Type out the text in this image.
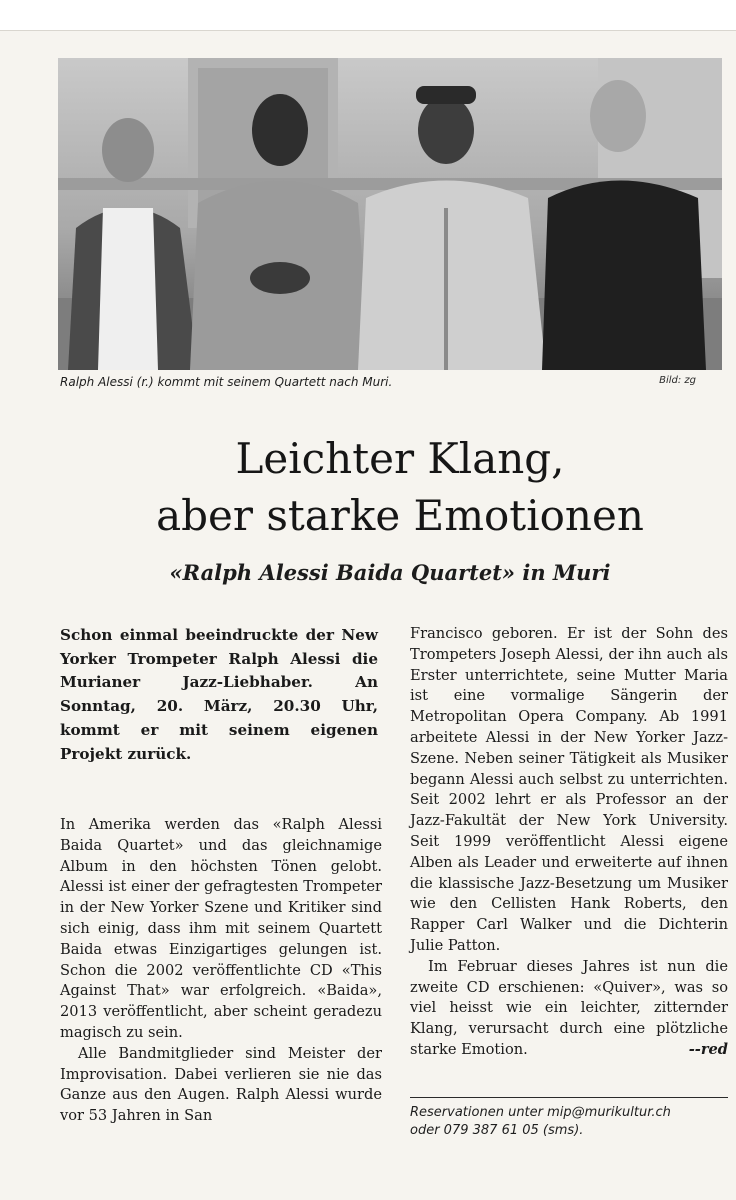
Ralph Alessi (r.) kommt mit seinem Quartett nach Muri.	Bild: zg
Leichter Klang,
aber starke Emotionen
«Ralph Alessi Baida Quartet» in Muri

Schon einmal beeindruckte der New Yorker Trompeter Ralph Alessi die Murianer Jazz-Liebhaber. An Sonntag, 20. März, 20.30 Uhr, kommt er mit seinem eigenen Projekt zurück.

In Amerika werden das «Ralph Alessi Baida Quartet» und das gleichnamige Album in den höchsten Tönen gelobt. Alessi ist einer der gefragtesten Trompeter in der New Yorker Szene und Kritiker sind sich einig, dass ihm mit seinem Quartett Baida etwas Einzigartiges gelungen ist. Schon die 2002 veröffentlichte CD «This Against That» war erfolgreich. «Baida», 2013 veröffentlicht, aber scheint geradezu magisch zu sein.

Alle Bandmitglieder sind Meister der Improvisation. Dabei verlieren sie nie das Ganze aus den Augen. Ralph Alessi wurde vor 53 Jahren in San

Francisco geboren. Er ist der Sohn des Trompeters Joseph Alessi, der ihn auch als Erster unterrichtete, seine Mutter Maria ist eine vormalige Sängerin der Metropolitan Opera Company. Ab 1991 arbeitete Alessi in der New Yorker Jazz-Szene. Neben seiner Tätigkeit als Musiker begann Alessi auch selbst zu unterrichten. Seit 2002 lehrt er als Professor an der Jazz-Fakultät der New York University. Seit 1999 veröffentlicht Alessi eigene Alben als Leader und erweiterte auf ihnen die klassische Jazz-Besetzung um Musiker wie den Cellisten Hank Roberts, den Rapper Carl Walker und die Dichterin Julie Patton.

Im Februar dieses Jahres ist nun die zweite CD erschienen: «Quiver», was so viel heisst wie ein leichter, zitternder Klang, verursacht durch eine plötzliche starke Emotion.	--red

Reservationen unter mip@murikultur.ch

oder 079 387 61 05 (sms).
